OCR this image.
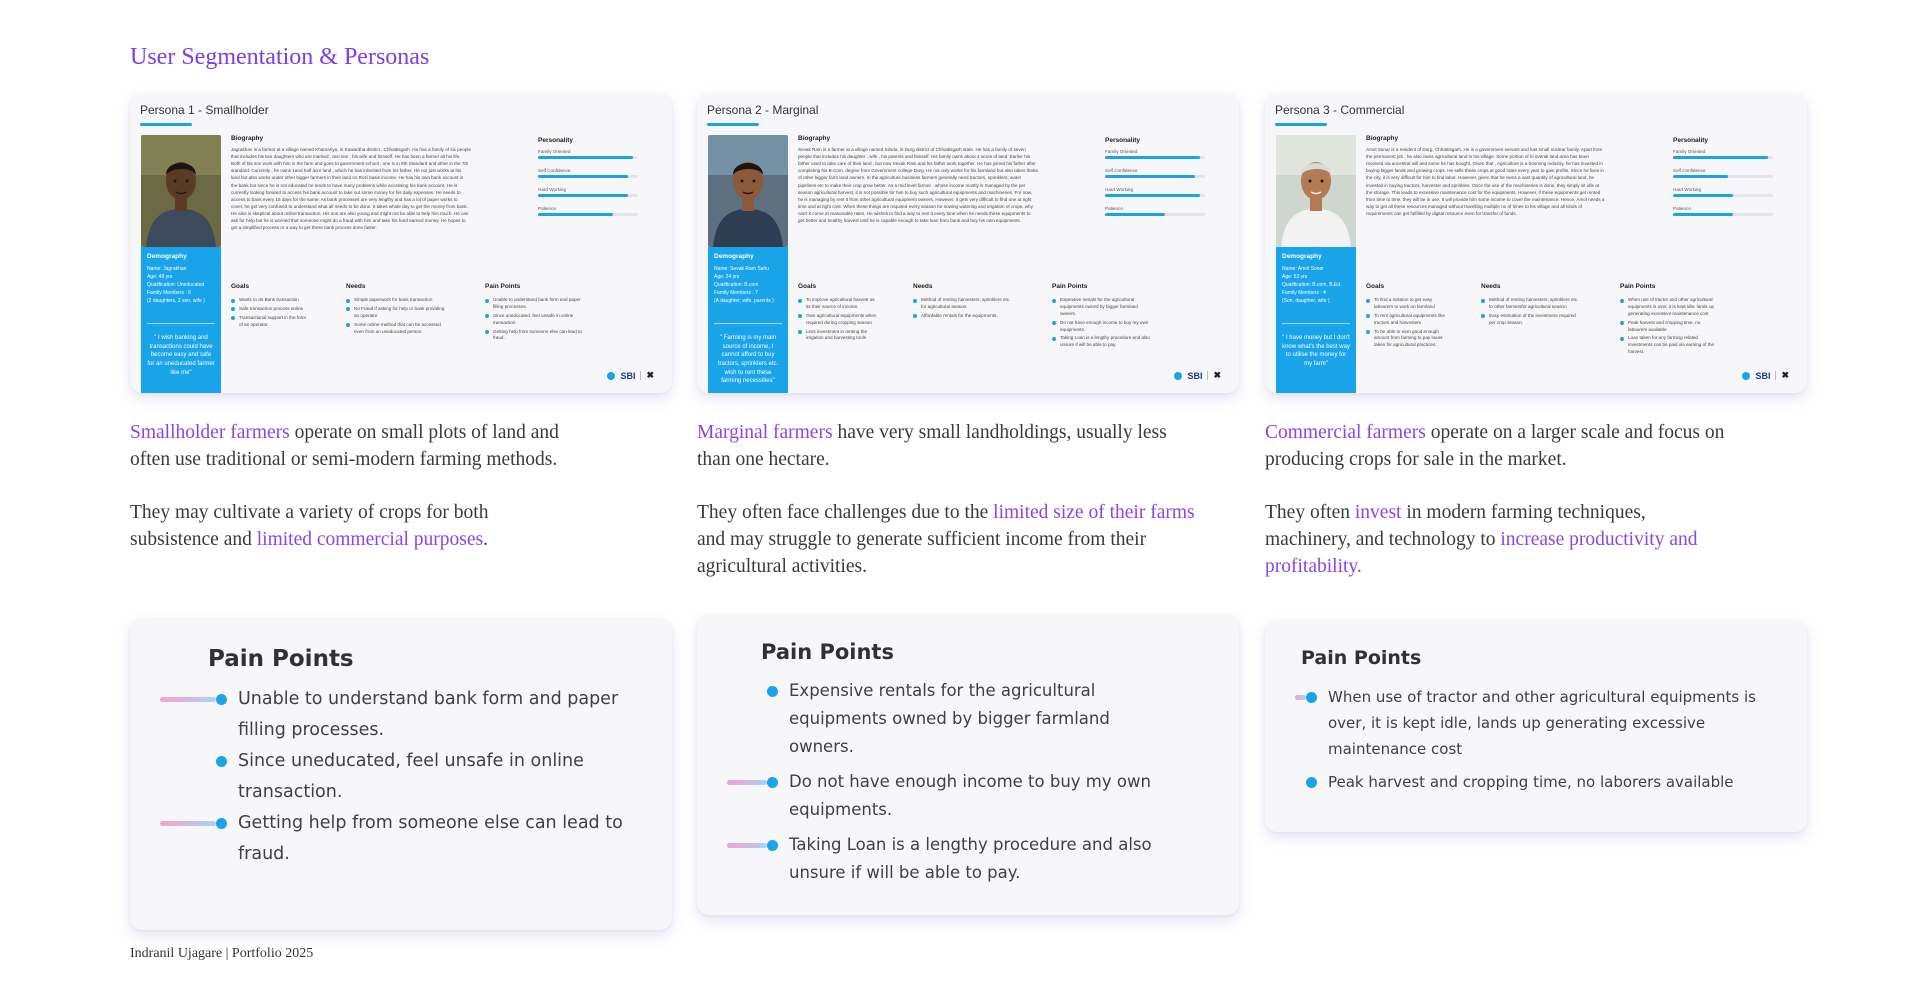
User Segmentation & Personas
Persona 1 - Smallholder
Demography
Name: Jagrakhan
Age: 48 yrs
Qualification: Uneducated
Family Members : 6
(2 daughters, 2 son, wife )
" I wish banking and transactions could have become easy and safe for an uneducated farmer like me"
Biography
Jagrakhan is a farmer at a village named Khamariya, in Kawardha district , Chhattisgarh. He has a family of six people that includes his two daughters who are married , two son , his wife and himself. He has been a farmer all his life. Both of his son work with him in the farm and goes to government school , one is in 9th Standard and other in the 7th standard. Currently , he owns 1and half acre land , which he has inherited from his father. He not just works at his land but also works under other bigger farmers in their land on Rozi basis income. He has his own bank account in the bank but since he is not educated he tends to have many problems while accessing his bank account. He is currently looking forward to access his bank account to take out some money for his daily expenses. He needs to access to bank every 15 days for the same. As bank processes are very lengthy and has a lot of paper works to cover, he get very confused to understand what all needs to be done. It takes whole day to get the money from bank. He also is skeptical about online transaction. His son are also young and might not be able to help him much. He can ask for help but he is worried that someone might do a fraud with him and take his hard earned money. He hopes to get a simplified process or a way to get these bank process done faster.
Personality
Family Oriented
Self Confidence
Hard Working
Patience
Goals
Wants to do Bank transaction
Safe transaction process online
Transactional support in the form of an operator.
Needs
Simple paperwork for bank transaction
No Fraud if asking for help or bank providing an operator
Some online method that can be accessed even from an uneducated person.
Pain Points
Unable to understand bank form and paper filling processes.
Since uneducated, feel unsafe in online transaction.
Getting help from someone else can lead to fraud.
SBI ✖
Persona 2 - Marginal
Demography
Name: Sevak Ram Sahu
Age: 24 yrs
Qualification: B.com
Family Members : 7
(A daughter, wife, parents )
" Farming is my main source of income, I cannot afford to buy tractors, sprinklers etc. wish to rent these farming necessities"
Biography
Sevak Ram is a farmer at a village named Siloda, in Durg district of Chhattisgarh state. He has a family of seven people that includes his daughter , wife , his parents and himself. His family owns about 4 acres of land. Earlier his father used to take care of their land , but now Sevak Ram and his father work together. He has joined his father after completing his B.Com. degree from Government college Durg. He not only works for his farmland but also takes theka of other bigger farm land owners. In the agriculture business farmers generally need tractors, sprinklers, water pipelines etc to make their crop grow better. As a mid level farmer , whose income mostly is managed by the per season agricultural harvest, it is not possible for him to buy such agricultural equipments and machineries. For now, he is managing by rent it from other agricultural equipment owners. However, it gets very difficult to find one at right time and at right cost. When these things are required every season for sowing watering and irrigation of crops, why can't it come at reasonable rates. He wishes to find a way to rent it every time when he needs these equipments to get better and healthy harvest until he is capable enough to take loan from bank and buy his own equipments.
Personality
Family Oriented
Self Confidence
Hard Working
Patience
Goals
To improve agricultural harvest as its their source of income.
Own agricultural equipments when required during cropping season
Less investment in renting the irrigation and harvesting tools
Needs
Method of renting harvesters, sprinklers etc. for agricultural season
Affordable rentals for the equipments.
Pain Points
Expensive rentals for the agricultural equipments owned by bigger farmland owners.
Do not have enough income to buy my own equipments.
Taking Loan is a lengthy procedure and also unsure if will be able to pay.
SBI ✖
Persona 3 - Commercial
Demography
Name: Amol Sonar
Age: 53 yrs
Qualification: B.com, B.Ed.
Family Members : 4
(Son, daughter, wife )
" I have money but I don't know what's the best way to utilise the money for my farm"
Biography
Amol Sonar is a resident of Durg, Chhattisgarh. He is a government servant and has small nuclear family. Apart from the permanent job , he also owns agricultural land in his village. Some portion of hi overall land area has been received via ancestral will and some he has bought. Given that , Agriculture is a booming industry, he has invested in buying bigger lands and growing crops. He sells these crops at good rates every year to gain profits. Since he lives in the city, it is very difficult for him to find labor. However, given that he owns a vast quantity of agricultural land, he invested in buying tractors, harvester and sprinkles. Once the use of the machineries is done, they simply sit idle at the storage. This leads to excessive maintenance cost for the equipments. However, if these equipments get rented from time to time, they will be in use. It will provide him some income to cover the maintenance. Hence, Amol needs a way to get all these resources managed without travelling multiple no of times to his village and all kinds of requirements can get fulfilled by digital resource even for transfer of funds.
Personality
Family Oriented
Self Confidence
Hard Working
Patience
Goals
To find a solution to get easy labourers to work on farmland
To rent agricultural equipments like tractors and harvesters
To be able to earn good enough amount from farming to pay loans taken for agricultural practices.
Needs
Method of renting harvesters, sprinklers etc. to other farmersfor agricultural season
Easy estimation of the investment required per crop season.
Pain Points
When use of tractor and other agricultural equipments is over, it is kept idle, lands up generating excessive maintenance cost
Peak harvest and cropping time, no labourers available
Loan taken for any farming related investments can be paid via earning of the harvest.
SBI ✖

Smallholder farmers operate on small plots of land and often use traditional or semi-modern farming methods.

They may cultivate a variety of crops for both subsistence and limited commercial purposes.

Marginal farmers have very small landholdings, usually less than one hectare.

They often face challenges due to the limited size of their farms and may struggle to generate sufficient income from their agricultural activities.

Commercial farmers operate on a larger scale and focus on producing crops for sale in the market.

They often invest in modern farming techniques, machinery, and technology to increase productivity and profitability.

Pain Points
Unable to understand bank form and paper filling processes.
Since uneducated, feel unsafe in online transaction.
Getting help from someone else can lead to fraud.
Pain Points
Expensive rentals for the agricultural equipments owned by bigger farmland owners.
Do not have enough income to buy my own equipments.
Taking Loan is a lengthy procedure and also unsure if will be able to pay.
Pain Points
When use of tractor and other agricultural equipments is over, it is kept idle, lands up generating excessive maintenance cost
Peak harvest and cropping time, no laborers available
Indranil Ujagare | Portfolio 2025
